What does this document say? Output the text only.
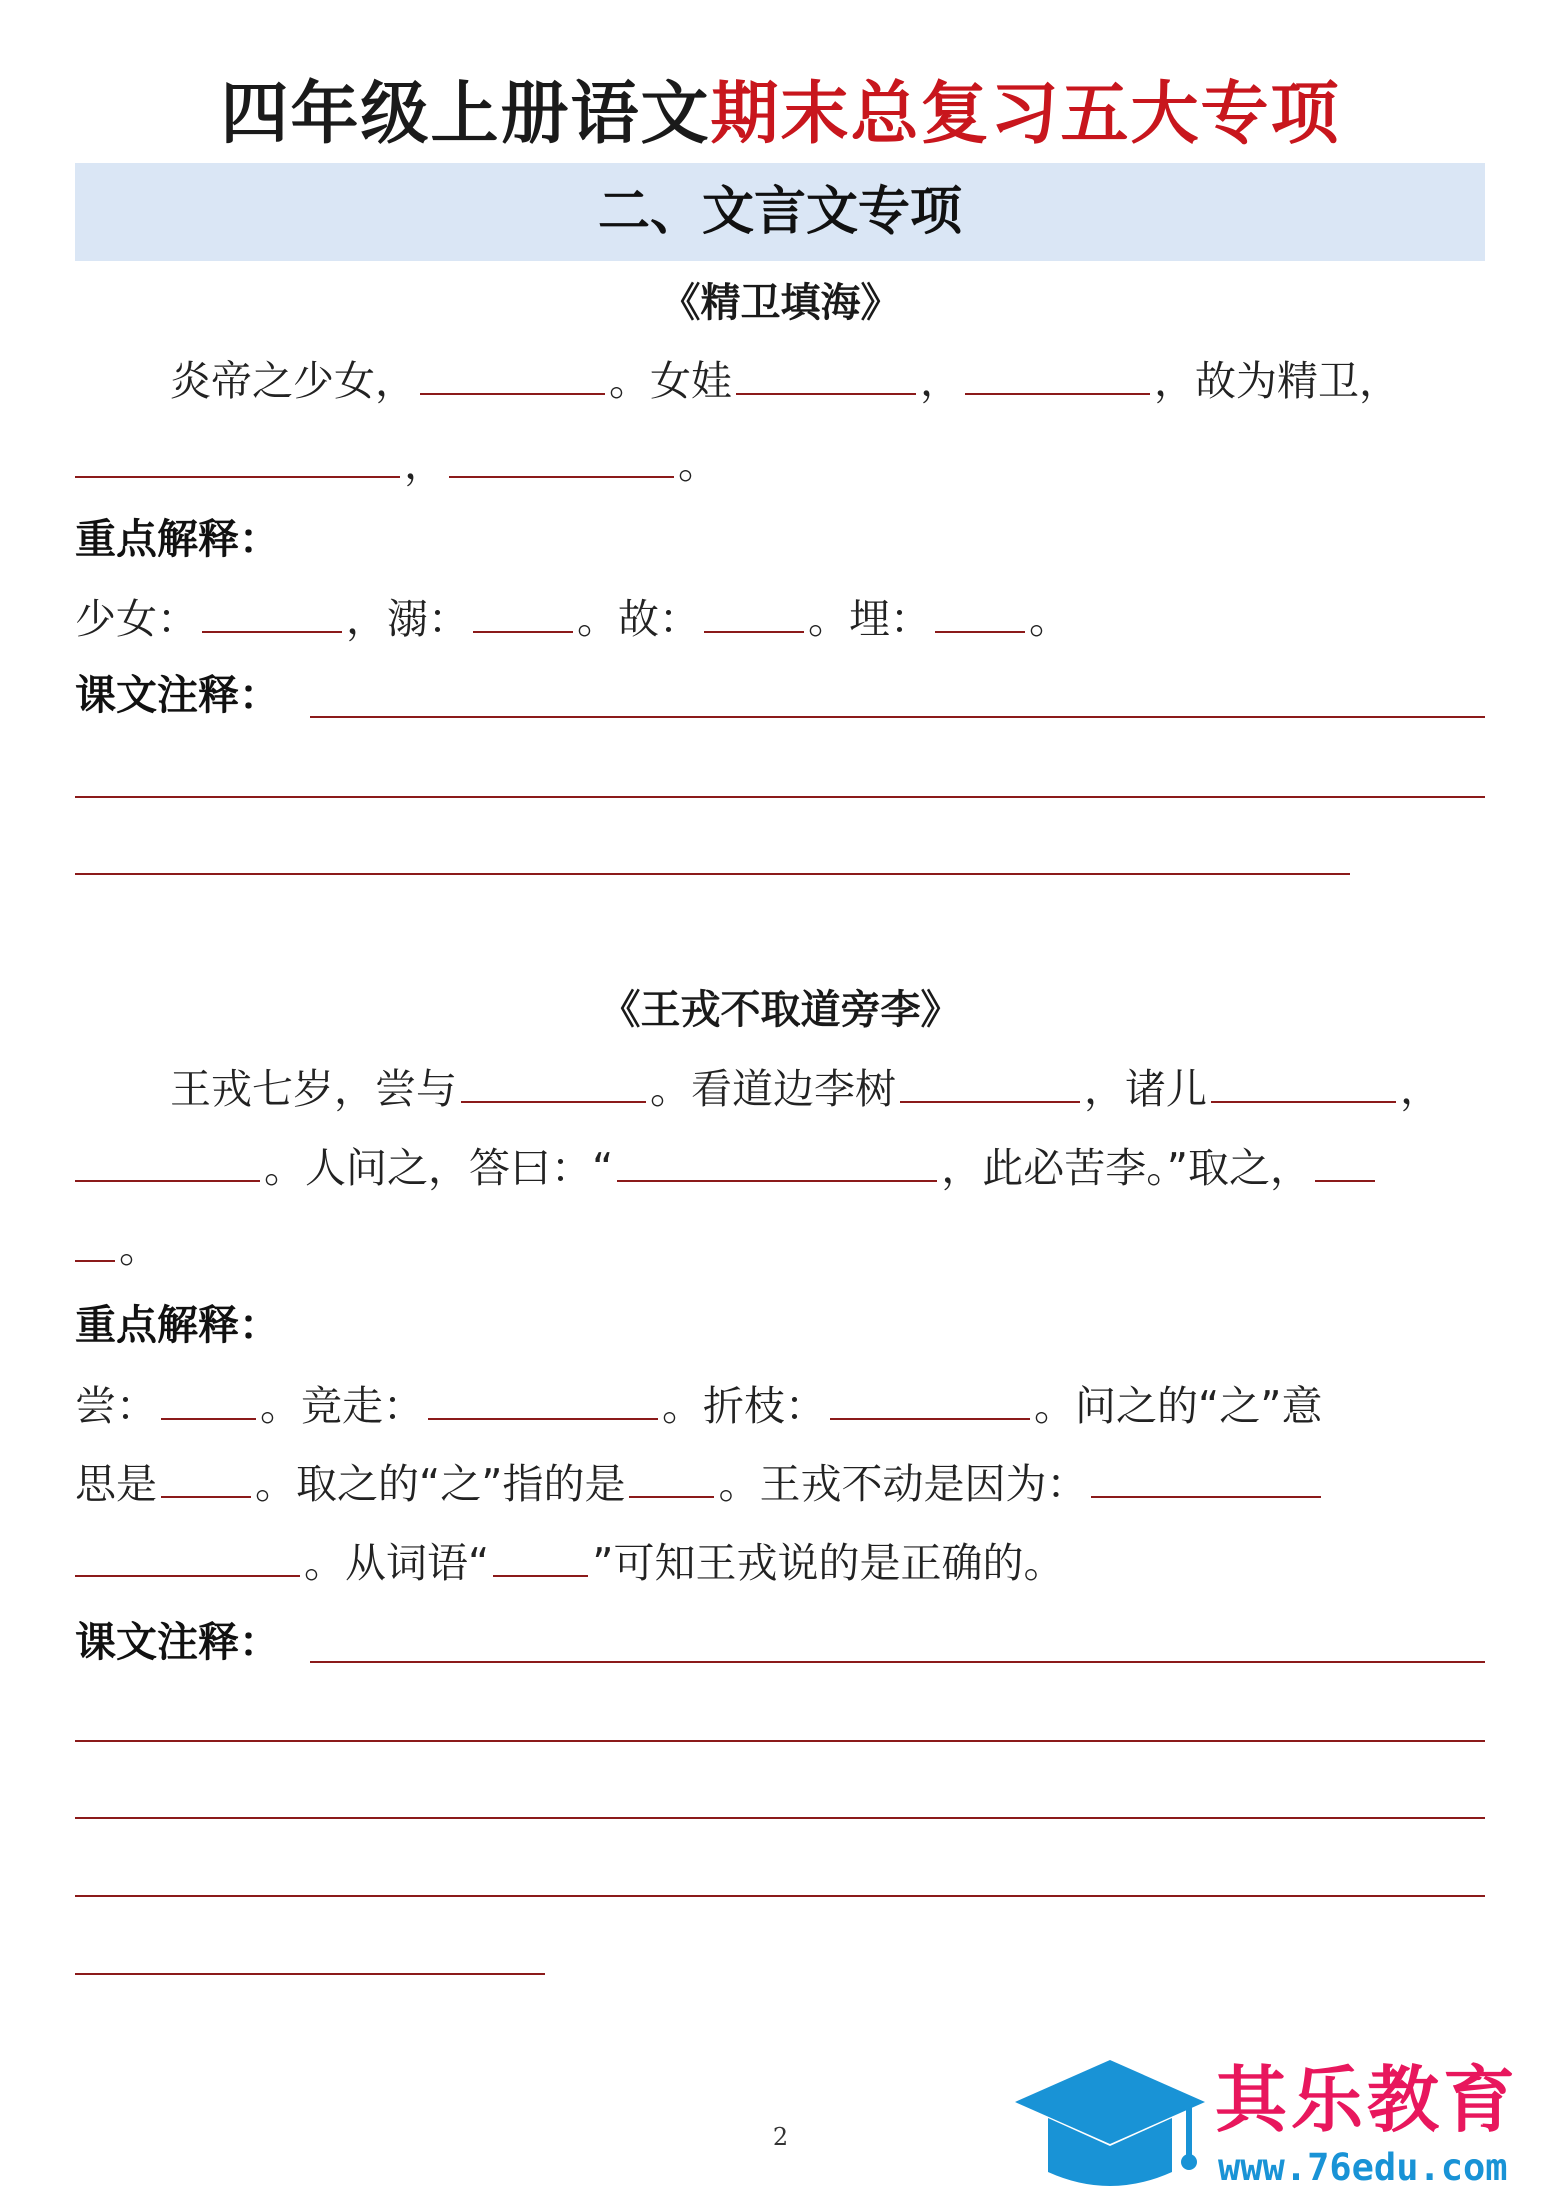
四年级上册语文期末总复习五大专项
二、文言文专项
《精卫填海》
炎帝之少女，	。女娃	，	，故为精卫，
，	。
重点解释：
少女：	，溺：	。故：	。埋： 。
课文注释：
《王戎不取道旁李》
王戎七岁，尝与	。看道边李树	，诸儿	，
。人问之，答曰：“	，此必苦李。”取之，
。
重点解释：
尝：	。竞走：	。折枝：	。问之的“之”意
思是 。取之的“之”指的是 。王戎不动是因为：
。从词语“	”可知王戎说的是正确的。
课文注释：
2	其乐教育
www.76edu.com
